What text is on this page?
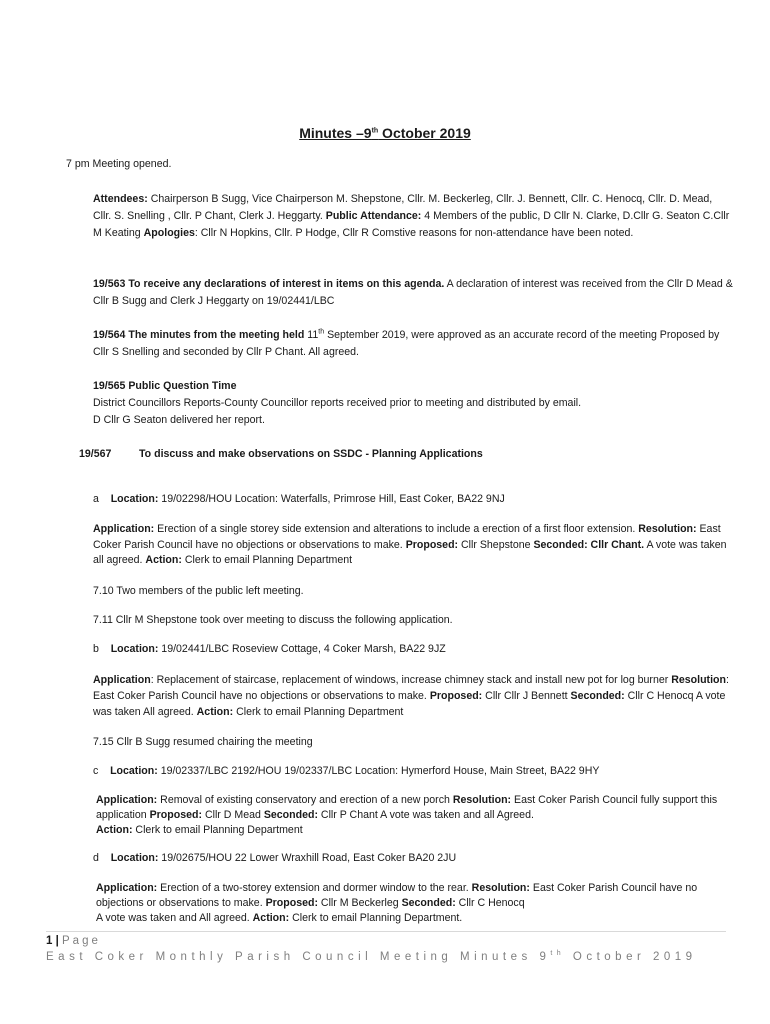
Minutes –9th October 2019
7 pm Meeting opened.
Attendees: Chairperson B Sugg, Vice Chairperson M. Shepstone, Cllr. M. Beckerleg, Cllr. J. Bennett, Cllr. C. Henocq, Cllr. D. Mead, Cllr. S. Snelling , Cllr. P Chant, Clerk J. Heggarty. Public Attendance: 4 Members of the public, D Cllr N. Clarke, D.Cllr G. Seaton C.Cllr M Keating Apologies: Cllr N Hopkins, Cllr. P Hodge, Cllr R Comstive reasons for non-attendance have been noted.
19/563 To receive any declarations of interest in items on this agenda. A declaration of interest was received from the Cllr D Mead & Cllr B Sugg and Clerk J Heggarty on 19/02441/LBC
19/564 The minutes from the meeting held 11th September 2019, were approved as an accurate record of the meeting Proposed by Cllr S Snelling and seconded by Cllr P Chant. All agreed.
19/565 Public Question Time
District Councillors Reports-County Councillor reports received prior to meeting and distributed by email.
D Cllr G Seaton delivered her report.
19/567	To discuss and make observations on SSDC - Planning Applications
a Location: 19/02298/HOU Location: Waterfalls, Primrose Hill, East Coker, BA22 9NJ
Application: Erection of a single storey side extension and alterations to include a erection of a first floor extension. Resolution: East Coker Parish Council have no objections or observations to make. Proposed: Cllr Shepstone Seconded: Cllr Chant. A vote was taken all agreed. Action: Clerk to email Planning Department
7.10 Two members of the public left meeting.
7.11 Cllr M Shepstone took over meeting to discuss the following application.
b Location: 19/02441/LBC Roseview Cottage, 4 Coker Marsh, BA22 9JZ
Application: Replacement of staircase, replacement of windows, increase chimney stack and install new pot for log burner Resolution: East Coker Parish Council have no objections or observations to make. Proposed: Cllr Cllr J Bennett Seconded: Cllr C Henocq A vote was taken All agreed. Action: Clerk to email Planning Department
7.15 Cllr B Sugg resumed chairing the meeting
c Location: 19/02337/LBC 2192/HOU 19/02337/LBC Location: Hymerford House, Main Street, BA22 9HY
Application: Removal of existing conservatory and erection of a new porch Resolution: East Coker Parish Council fully support this application Proposed: Cllr D Mead Seconded: Cllr P Chant A vote was taken and all Agreed.
Action: Clerk to email Planning Department
d Location: 19/02675/HOU 22 Lower Wraxhill Road, East Coker BA20 2JU
Application: Erection of a two-storey extension and dormer window to the rear. Resolution: East Coker Parish Council have no objections or observations to make. Proposed: Cllr M Beckerleg Seconded: Cllr C Henocq
A vote was taken and All agreed. Action: Clerk to email Planning Department.
1 | Page
East Coker Monthly Parish Council Meeting Minutes 9th October 2019
